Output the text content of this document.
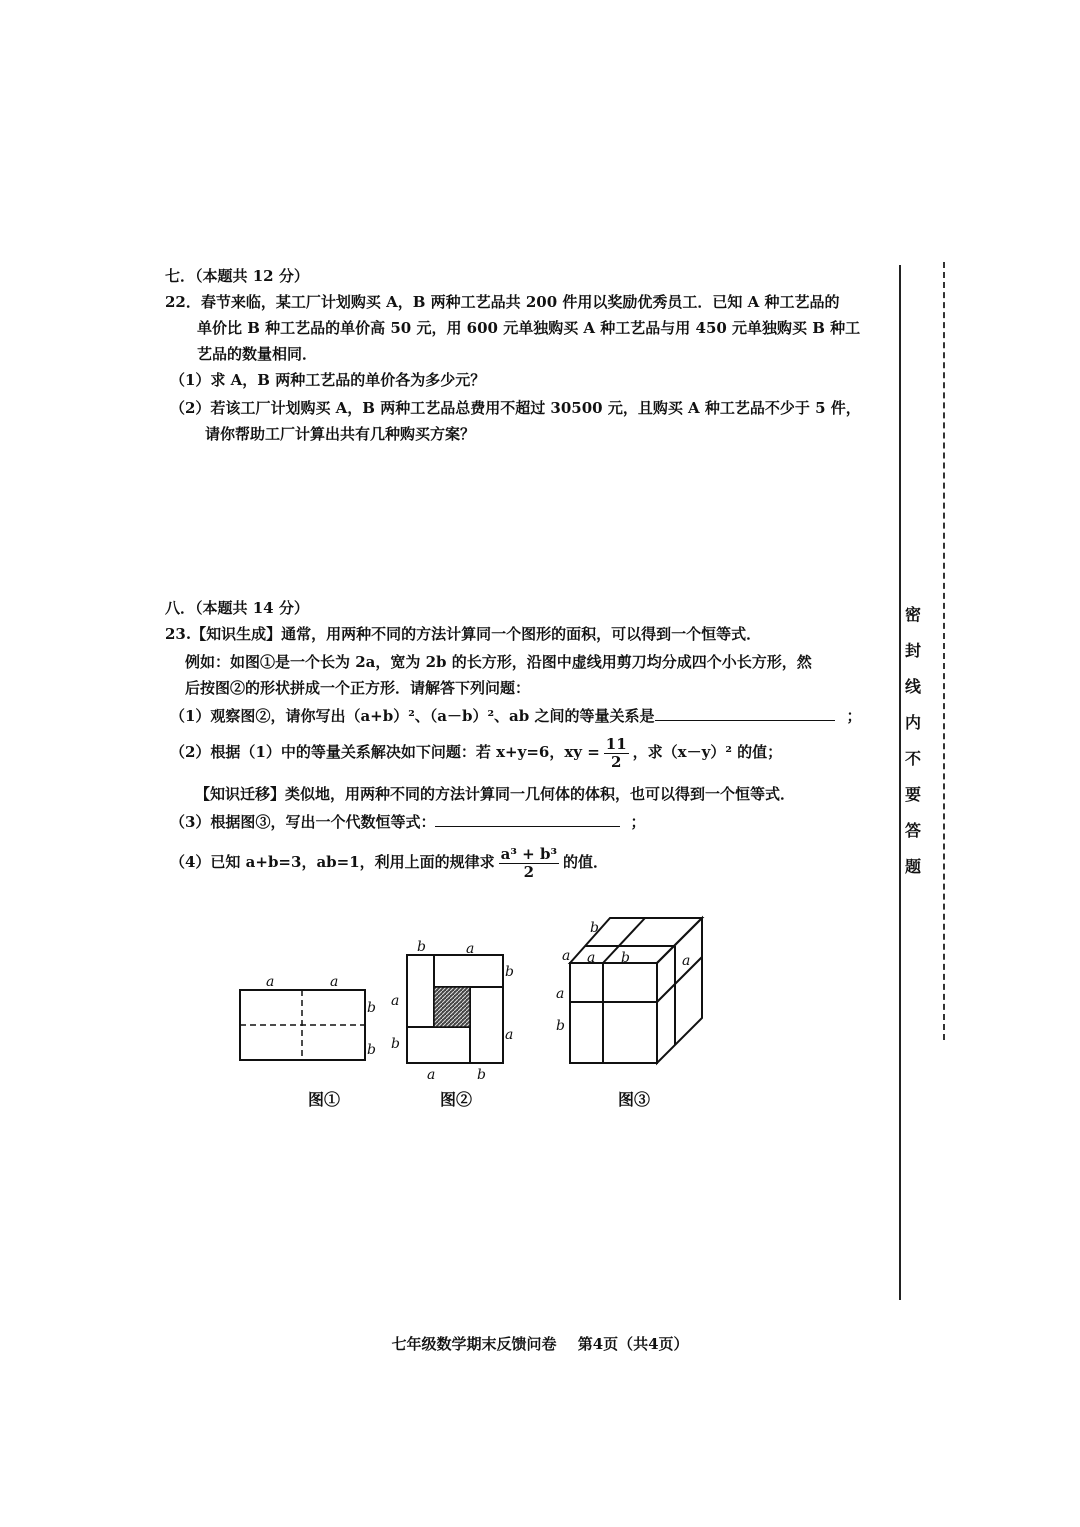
七．（本题共 12 分）
22．春节来临，某工厂计划购买 A，B 两种工艺品共 200 件用以奖励优秀员工．已知 A 种工艺品的
单价比 B 种工艺品的单价高 50 元，用 600 元单独购买 A 种工艺品与用 450 元单独购买 B 种工
艺品的数量相同．
（1）求 A，B 两种工艺品的单价各为多少元？
（2）若该工厂计划购买 A，B 两种工艺品总费用不超过 30500 元，且购买 A 种工艺品不少于 5 件，
请你帮助工厂计算出共有几种购买方案？
八．（本题共 14 分）
23.【知识生成】通常，用两种不同的方法计算同一个图形的面积，可以得到一个恒等式．
例如：如图①是一个长为 2a，宽为 2b 的长方形，沿图中虚线用剪刀均分成四个小长方形，然
后按图②的形状拼成一个正方形．请解答下列问题：
（1）观察图②，请你写出（a+b）²、（a－b）²、ab 之间的等量关系是	；
（2）根据（1）中的等量关系解决如下问题：若 x+y=6，xy = $\frac{11}{2}$ ，求（x－y）² 的值；
【知识迁移】类似地，用两种不同的方法计算同一几何体的体积，也可以得到一个恒等式．
（3）根据图③，写出一个代数恒等式：	；
（4）已知 a+b=3，ab=1，利用上面的规律求 $\frac{\text{a³ + b³}}{2}$ 的值．
a	a
b
b
图①
b	a
b
a
a
b
a	b
图②
b
a a b
a
b
a
图③
密
封
线
内
不
要
答
题
七年级数学期末反馈问卷 第4页（共4页）
